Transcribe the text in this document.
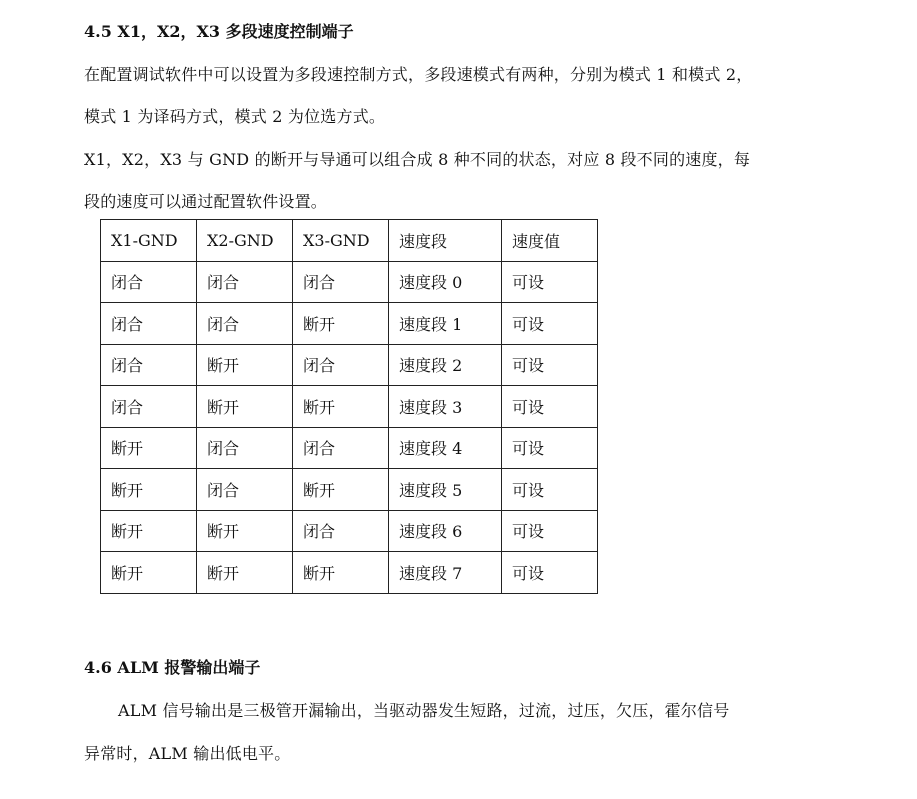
4.5 X1，X2，X3 多段速度控制端子
在配置调试软件中可以设置为多段速控制方式，多段速模式有两种，分别为模式 1 和模式 2，
模式 1 为译码方式，模式 2 为位选方式。
X1，X2，X3 与 GND 的断开与导通可以组合成 8 种不同的状态，对应 8 段不同的速度，每
段的速度可以通过配置软件设置。
X1-GND	X2-GND	X3-GND	速度段	速度值
闭合	闭合	闭合	速度段 0	可设
闭合	闭合	断开	速度段 1	可设
闭合	断开	闭合	速度段 2	可设
闭合	断开	断开	速度段 3	可设
断开	闭合	闭合	速度段 4	可设
断开	闭合	断开	速度段 5	可设
断开	断开	闭合	速度段 6	可设
断开	断开	断开	速度段 7	可设
4.6 ALM 报警输出端子
ALM 信号输出是三极管开漏输出，当驱动器发生短路，过流，过压，欠压，霍尔信号
异常时，ALM 输出低电平。
